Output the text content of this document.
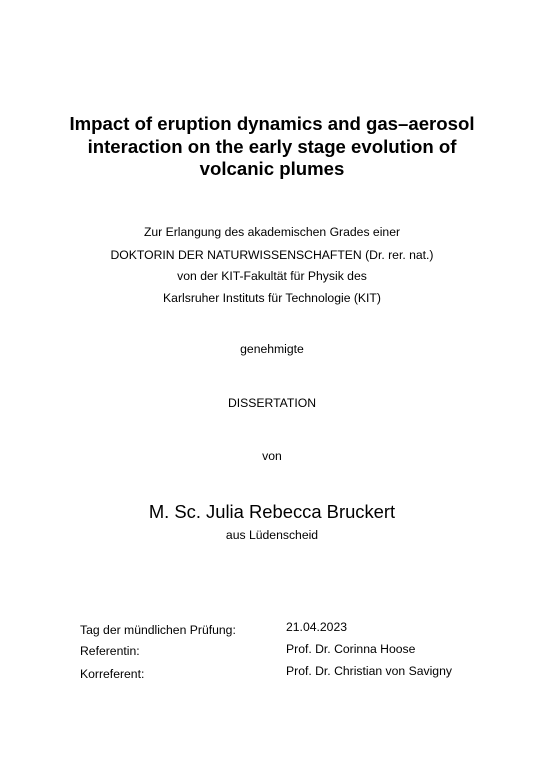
Impact of eruption dynamics and gas–aerosol
interaction on the early stage evolution of
volcanic plumes
Zur Erlangung des akademischen Grades einer
DOKTORIN DER NATURWISSENSCHAFTEN (Dr. rer. nat.)
von der KIT-Fakultät für Physik des
Karlsruher Instituts für Technologie (KIT)
genehmigte
DISSERTATION
von
M. Sc. Julia Rebecca Bruckert
aus Lüdenscheid
Tag der mündlichen Prüfung:	21.04.2023
Referentin:	Prof. Dr. Corinna Hoose
Korreferent:	Prof. Dr. Christian von Savigny
